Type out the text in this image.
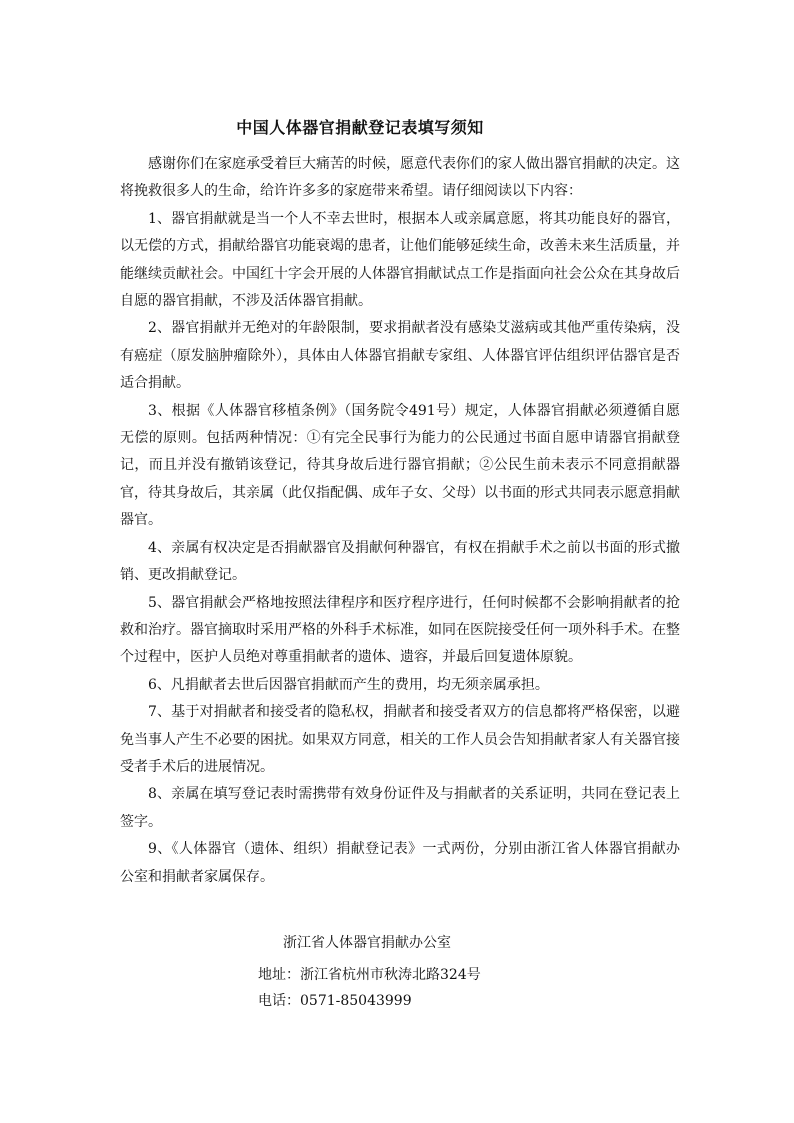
中国人体器官捐献登记表填写须知

感谢你们在家庭承受着巨大痛苦的时候，愿意代表你们的家人做出器官捐献的决定。这将挽救很多人的生命，给许许多多的家庭带来希望。请仔细阅读以下内容：

1、器官捐献就是当一个人不幸去世时，根据本人或亲属意愿，将其功能良好的器官，以无偿的方式，捐献给器官功能衰竭的患者，让他们能够延续生命，改善未来生活质量，并能继续贡献社会。中国红十字会开展的人体器官捐献试点工作是指面向社会公众在其身故后自愿的器官捐献，不涉及活体器官捐献。

2、器官捐献并无绝对的年龄限制，要求捐献者没有感染艾滋病或其他严重传染病，没有癌症（原发脑肿瘤除外），具体由人体器官捐献专家组、人体器官评估组织评估器官是否适合捐献。

3、根据《人体器官移植条例》（国务院令491号）规定，人体器官捐献必须遵循自愿无偿的原则。包括两种情况：①有完全民事行为能力的公民通过书面自愿申请器官捐献登记，而且并没有撤销该登记，待其身故后进行器官捐献；②公民生前未表示不同意捐献器官，待其身故后，其亲属（此仅指配偶、成年子女、父母）以书面的形式共同表示愿意捐献器官。

4、亲属有权决定是否捐献器官及捐献何种器官，有权在捐献手术之前以书面的形式撤销、更改捐献登记。

5、器官捐献会严格地按照法律程序和医疗程序进行，任何时候都不会影响捐献者的抢救和治疗。器官摘取时采用严格的外科手术标准，如同在医院接受任何一项外科手术。在整个过程中，医护人员绝对尊重捐献者的遗体、遗容，并最后回复遗体原貌。

6、凡捐献者去世后因器官捐献而产生的费用，均无须亲属承担。

7、基于对捐献者和接受者的隐私权，捐献者和接受者双方的信息都将严格保密，以避免当事人产生不必要的困扰。如果双方同意，相关的工作人员会告知捐献者家人有关器官接受者手术后的进展情况。

8、亲属在填写登记表时需携带有效身份证件及与捐献者的关系证明，共同在登记表上签字。

9、《人体器官（遗体、组织）捐献登记表》一式两份，分别由浙江省人体器官捐献办公室和捐献者家属保存。

浙江省人体器官捐献办公室
地址：浙江省杭州市秋涛北路324号
电话：0571-85043999
